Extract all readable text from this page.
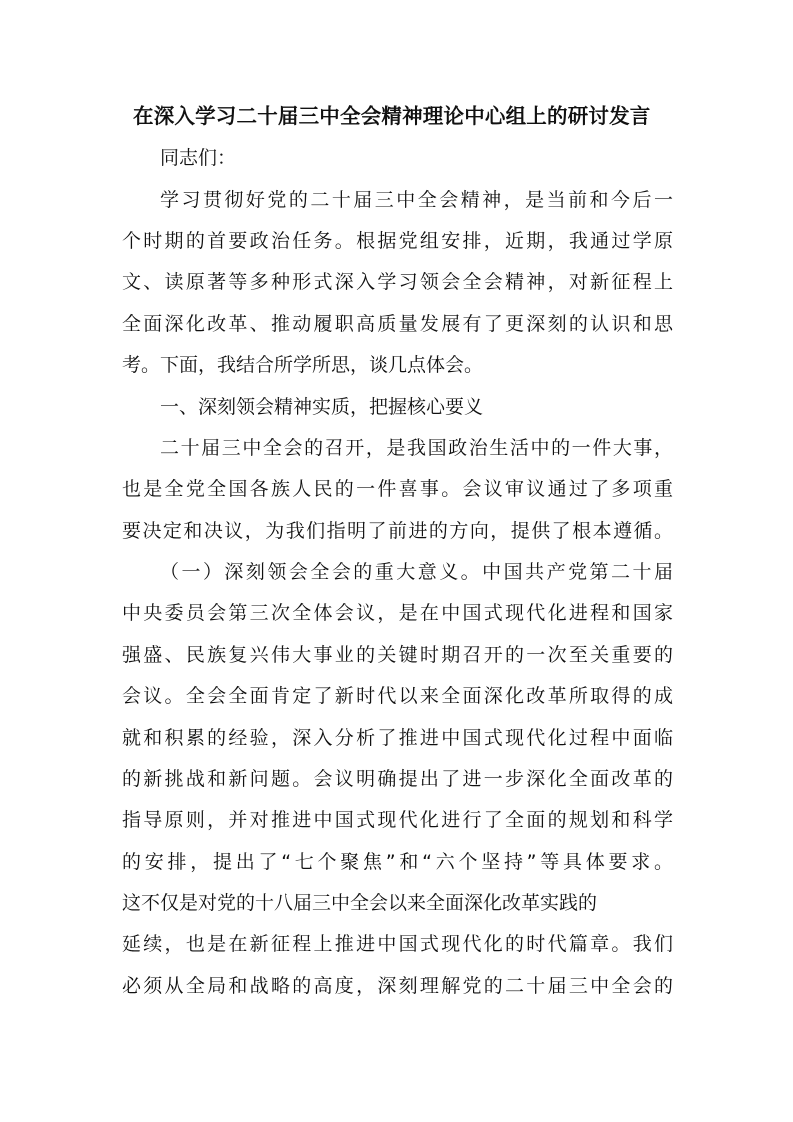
在深入学习二十届三中全会精神理论中心组上的研讨发言
同志们：
学习贯彻好党的二十届三中全会精神，是当前和今后一
个时期的首要政治任务。根据党组安排，近期，我通过学原
文、读原著等多种形式深入学习领会全会精神，对新征程上
全面深化改革、推动履职高质量发展有了更深刻的认识和思
考。下面，我结合所学所思，谈几点体会。
一、深刻领会精神实质，把握核心要义
二十届三中全会的召开，是我国政治生活中的一件大事，
也是全党全国各族人民的一件喜事。会议审议通过了多项重
要决定和决议，为我们指明了前进的方向，提供了根本遵循。
（一）深刻领会全会的重大意义。中国共产党第二十届
中央委员会第三次全体会议，是在中国式现代化进程和国家
强盛、民族复兴伟大事业的关键时期召开的一次至关重要的
会议。全会全面肯定了新时代以来全面深化改革所取得的成
就和积累的经验，深入分析了推进中国式现代化过程中面临
的新挑战和新问题。会议明确提出了进一步深化全面改革的
指导原则，并对推进中国式现代化进行了全面的规划和科学
的安排，提出了“七个聚焦”和“六个坚持”等具体要求。
这不仅是对党的十八届三中全会以来全面深化改革实践的
延续，也是在新征程上推进中国式现代化的时代篇章。我们
必须从全局和战略的高度，深刻理解党的二十届三中全会的
